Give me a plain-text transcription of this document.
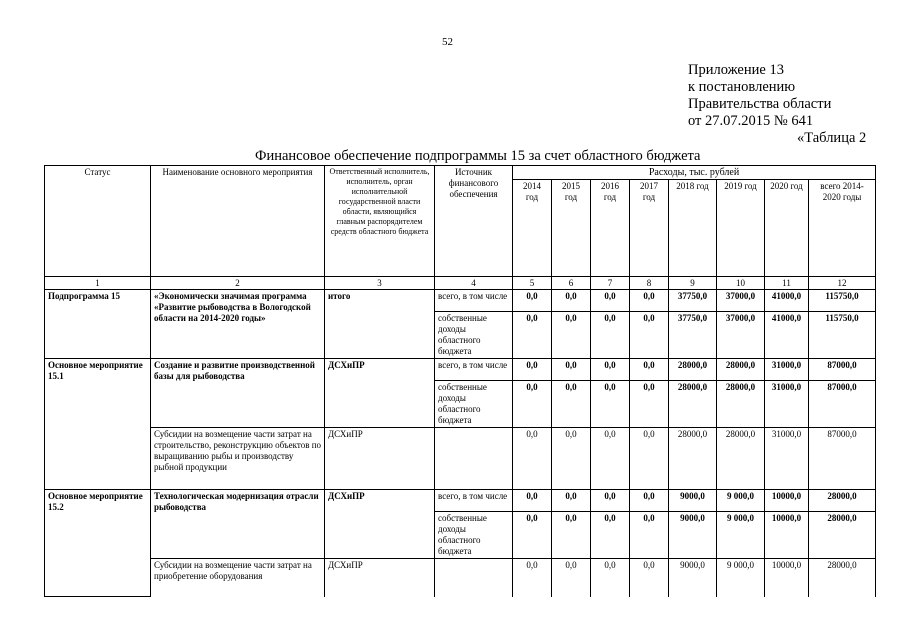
52
Приложение 13
к постановлению
Правительства области
от 27.07.2015 № 641
«Таблица 2
Финансовое обеспечение подпрограммы 15 за счет областного бюджета
Статус	Наименование основного мероприятия	Ответственный исполнитель, исполнитель, орган исполнительной государственной власти области, являющийся главным распорядителем средств областного бюджета	Источник финансового обеспечения	Расходы, тыс. рублей							
				2014 год	2015 год	2016 год	2017 год	2018 год	2019 год	2020 год	всего 2014-2020 годы
1	2	3	4	5	6	7	8	9	10	11	12
Подпрограмма 15	«Экономически значимая программа «Развитие рыбоводства в Вологодской области на 2014-2020 годы»	итого	всего, в том числе	0,0	0,0	0,0	0,0	37750,0	37000,0	41000,0	115750,0
			собственные доходы областного бюджета	0,0	0,0	0,0	0,0	37750,0	37000,0	41000,0	115750,0
Основное мероприятие 15.1	Создание и развитие производственной базы для рыбоводства	ДСХиПР	всего, в том числе	0,0	0,0	0,0	0,0	28000,0	28000,0	31000,0	87000,0
			собственные доходы областного бюджета	0,0	0,0	0,0	0,0	28000,0	28000,0	31000,0	87000,0
	Субсидии на возмещение части затрат на строительство, реконструкцию объектов по выращиванию рыбы и производству рыбной продукции	ДСХиПР		0,0	0,0	0,0	0,0	28000,0	28000,0	31000,0	87000,0
Основное мероприятие 15.2	Технологическая модернизация отрасли рыбоводства	ДСХиПР	всего, в том числе	0,0	0,0	0,0	0,0	9000,0	9 000,0	10000,0	28000,0
			собственные доходы областного бюджета	0,0	0,0	0,0	0,0	9000,0	9 000,0	10000,0	28000,0
	Субсидии на возмещение части затрат на приобретение оборудования	ДСХиПР		0,0	0,0	0,0	0,0	9000,0	9 000,0	10000,0	28000,0
